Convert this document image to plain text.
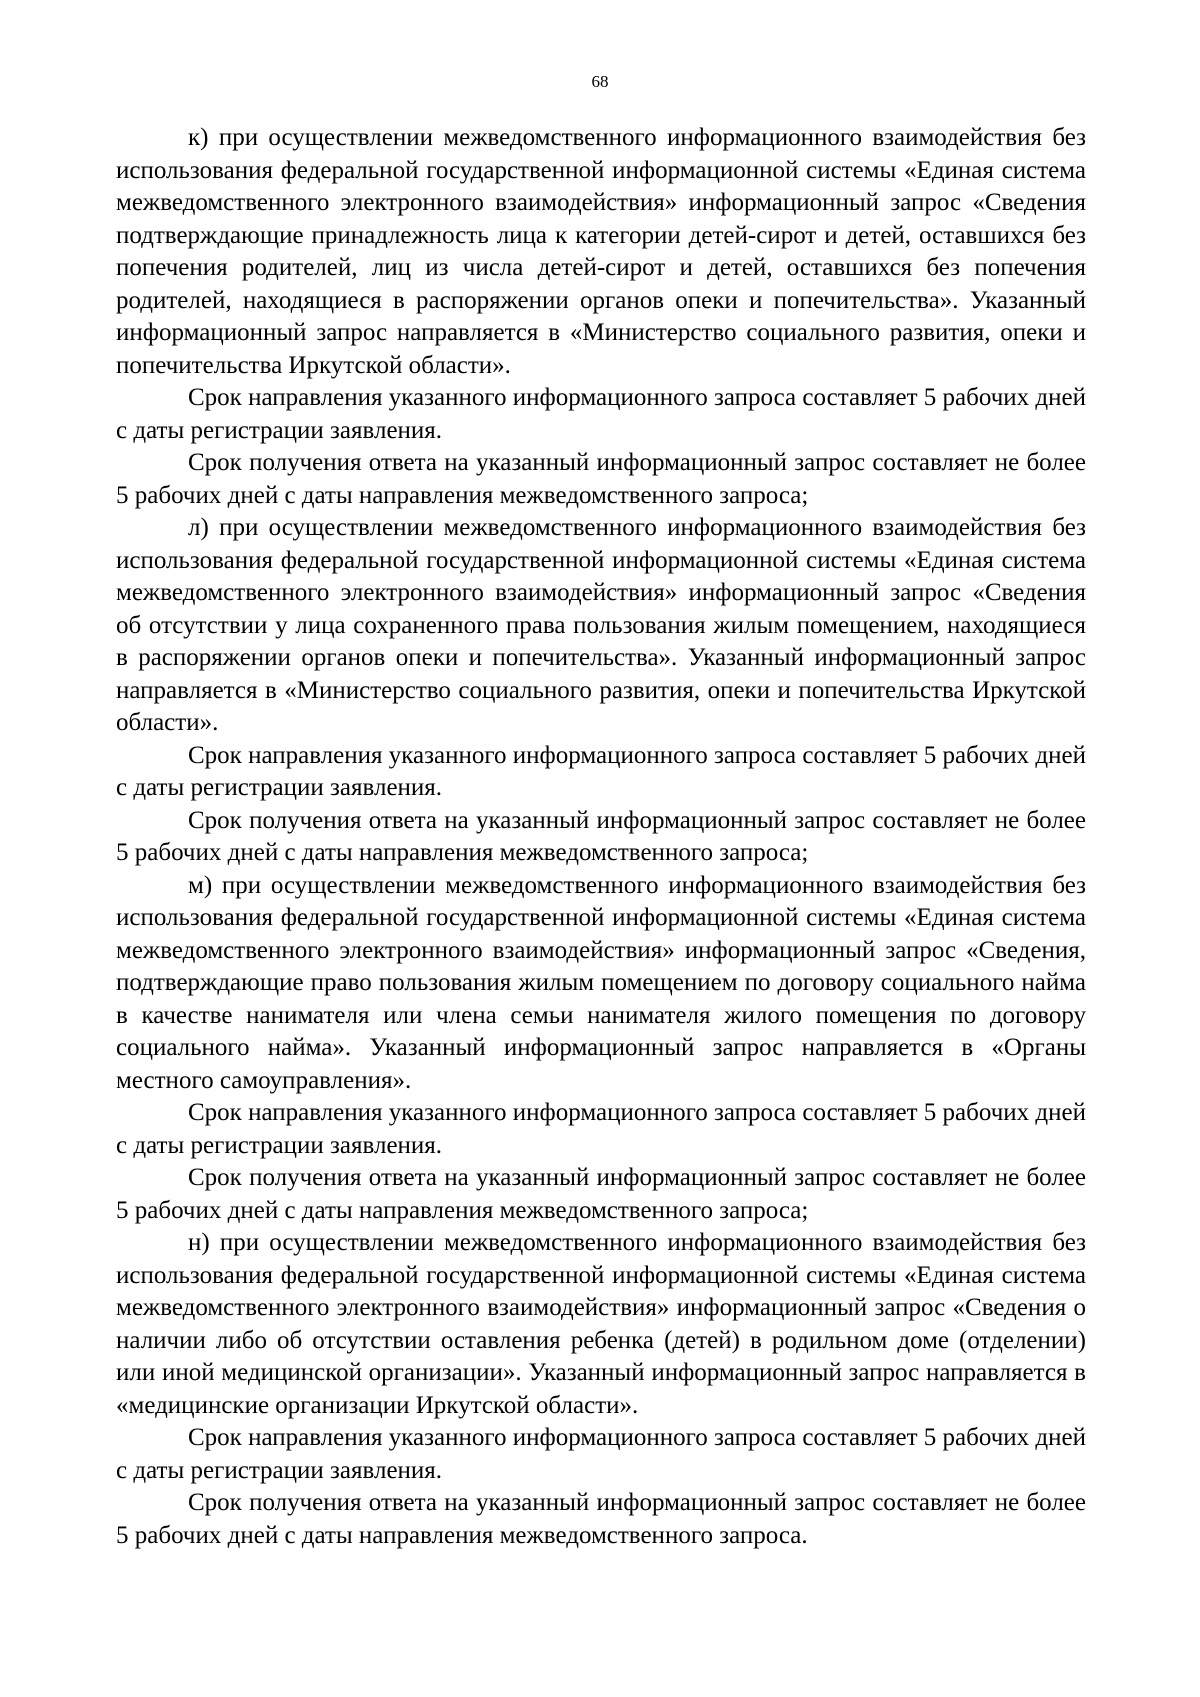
68

к) при осуществлении межведомственного информационного взаимодействия без использования федеральной государственной информационной системы «Единая система межведомственного электронного взаимодействия» информационный запрос «Сведения подтверждающие принадлежность лица к категории детей-сирот и детей, оставшихся без попечения родителей, лиц из числа детей-сирот и детей, оставшихся без попечения родителей, находящиеся в распоряжении органов опеки и попечительства». Указанный информационный запрос направляется в «Министерство социального развития, опеки и попечительства Иркутской области».

Срок направления указанного информационного запроса составляет 5 рабочих дней с даты регистрации заявления.

Срок получения ответа на указанный информационный запрос составляет не более 5 рабочих дней с даты направления межведомственного запроса;

л) при осуществлении межведомственного информационного взаимодействия без использования федеральной государственной информационной системы «Единая система межведомственного электронного взаимодействия» информационный запрос «Сведения об отсутствии у лица сохраненного права пользования жилым помещением, находящиеся в распоряжении органов опеки и попечительства». Указанный информационный запрос направляется в «Министерство социального развития, опеки и попечительства Иркутской области».

Срок направления указанного информационного запроса составляет 5 рабочих дней с даты регистрации заявления.

Срок получения ответа на указанный информационный запрос составляет не более 5 рабочих дней с даты направления межведомственного запроса;

м) при осуществлении межведомственного информационного взаимодействия без использования федеральной государственной информационной системы «Единая система межведомственного электронного взаимодействия» информационный запрос «Сведения, подтверждающие право пользования жилым помещением по договору социального найма в качестве нанимателя или члена семьи нанимателя жилого помещения по договору социального найма». Указанный информационный запрос направляется в «Органы местного самоуправления».

Срок направления указанного информационного запроса составляет 5 рабочих дней с даты регистрации заявления.

Срок получения ответа на указанный информационный запрос составляет не более 5 рабочих дней с даты направления межведомственного запроса;

н) при осуществлении межведомственного информационного взаимодействия без использования федеральной государственной информационной системы «Единая система межведомственного электронного взаимодействия» информационный запрос «Сведения о наличии либо об отсутствии оставления ребенка (детей) в родильном доме (отделении) или иной медицинской организации». Указанный информационный запрос направляется в «медицинские организации Иркутской области».

Срок направления указанного информационного запроса составляет 5 рабочих дней с даты регистрации заявления.

Срок получения ответа на указанный информационный запрос составляет не более 5 рабочих дней с даты направления межведомственного запроса.
